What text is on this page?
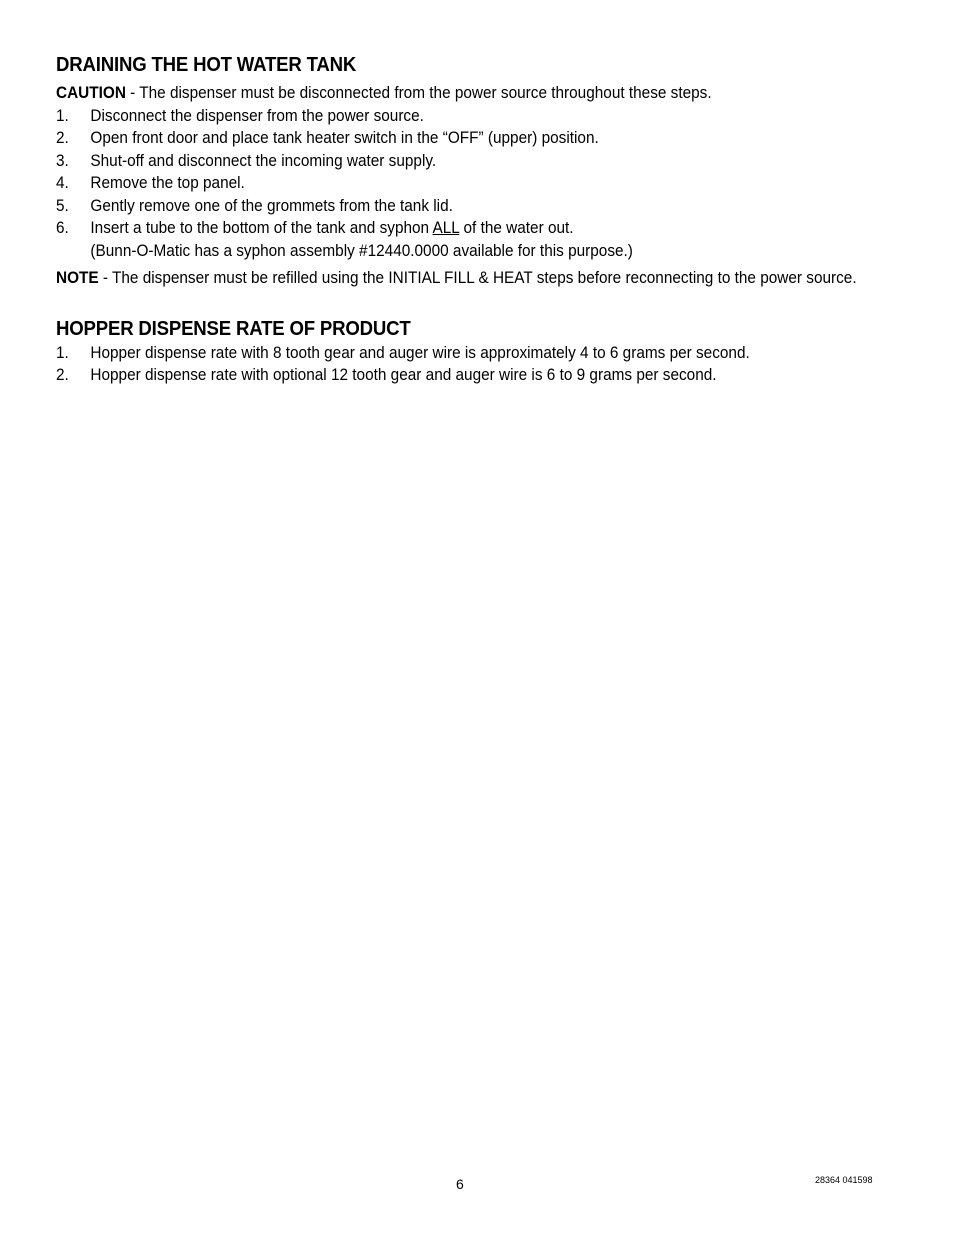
DRAINING THE HOT WATER TANK

CAUTION - The dispenser must be disconnected from the power source throughout these steps.

1. Disconnect the dispenser from the power source.
2. Open front door and place tank heater switch in the “OFF” (upper) position.
3. Shut-off and disconnect the incoming water supply.
4. Remove the top panel.
5. Gently remove one of the grommets from the tank lid.
6. Insert a tube to the bottom of the tank and syphon ALL of the water out.
(Bunn-O-Matic has a syphon assembly #12440.0000 available for this purpose.)

NOTE - The dispenser must be refilled using the INITIAL FILL & HEAT steps before reconnecting to the power source.

HOPPER DISPENSE RATE OF PRODUCT
1. Hopper dispense rate with 8 tooth gear and auger wire is approximately 4 to 6 grams per second.
2. Hopper dispense rate with optional 12 tooth gear and auger wire is 6 to 9 grams per second.
6	28364 041598
